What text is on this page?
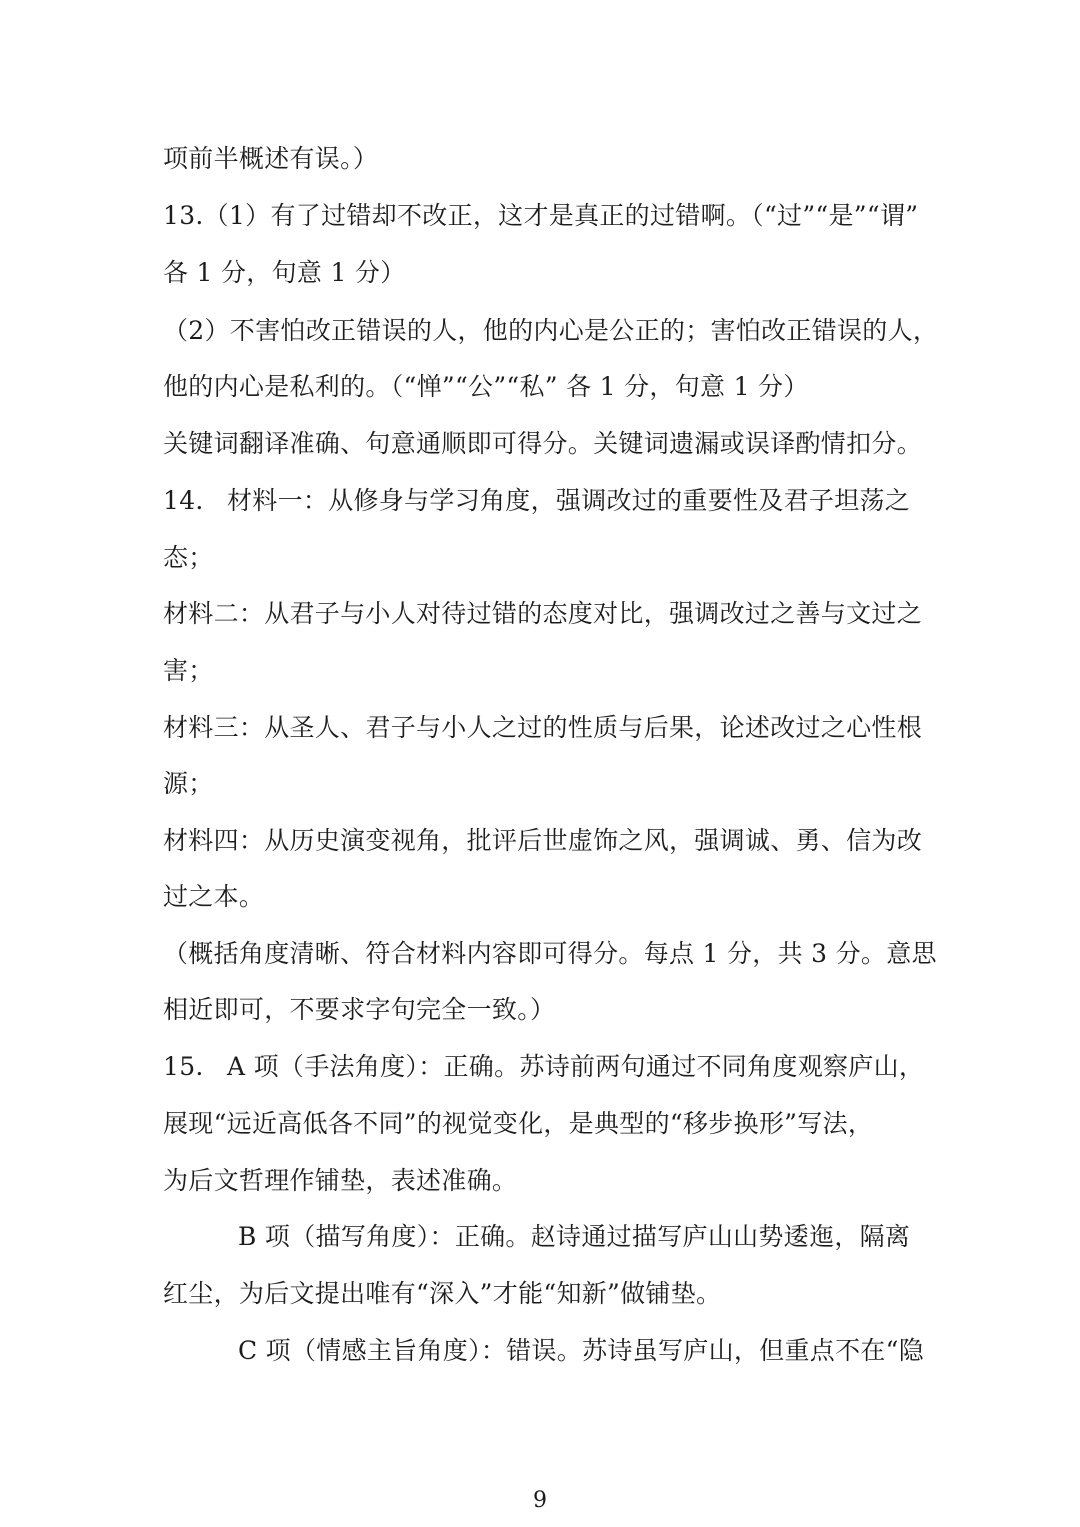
项前半概述有误。）
13.（1）有了过错却不改正，这才是真正的过错啊。（“过”“是”“谓”
各 1 分，句意 1 分）
（2）不害怕改正错误的人，他的内心是公正的；害怕改正错误的人，
他的内心是私利的。（“惮”“公”“私” 各 1 分，句意 1 分）
关键词翻译准确、句意通顺即可得分。关键词遗漏或误译酌情扣分。
14. 材料一：从修身与学习角度，强调改过的重要性及君子坦荡之
态；
材料二：从君子与小人对待过错的态度对比，强调改过之善与文过之
害；
材料三：从圣人、君子与小人之过的性质与后果，论述改过之心性根
源；
材料四：从历史演变视角，批评后世虚饰之风，强调诚、勇、信为改
过之本。
（概括角度清晰、符合材料内容即可得分。每点 1 分，共 3 分。意思
相近即可，不要求字句完全一致。）
15. A 项（手法角度）：正确。苏诗前两句通过不同角度观察庐山，
展现“远近高低各不同”的视觉变化，是典型的“移步换形”写法，
为后文哲理作铺垫，表述准确。
B 项（描写角度）：正确。赵诗通过描写庐山山势逶迤，隔离
红尘，为后文提出唯有“深入”才能“知新”做铺垫。
C 项（情感主旨角度）：错误。苏诗虽写庐山，但重点不在“隐
9
